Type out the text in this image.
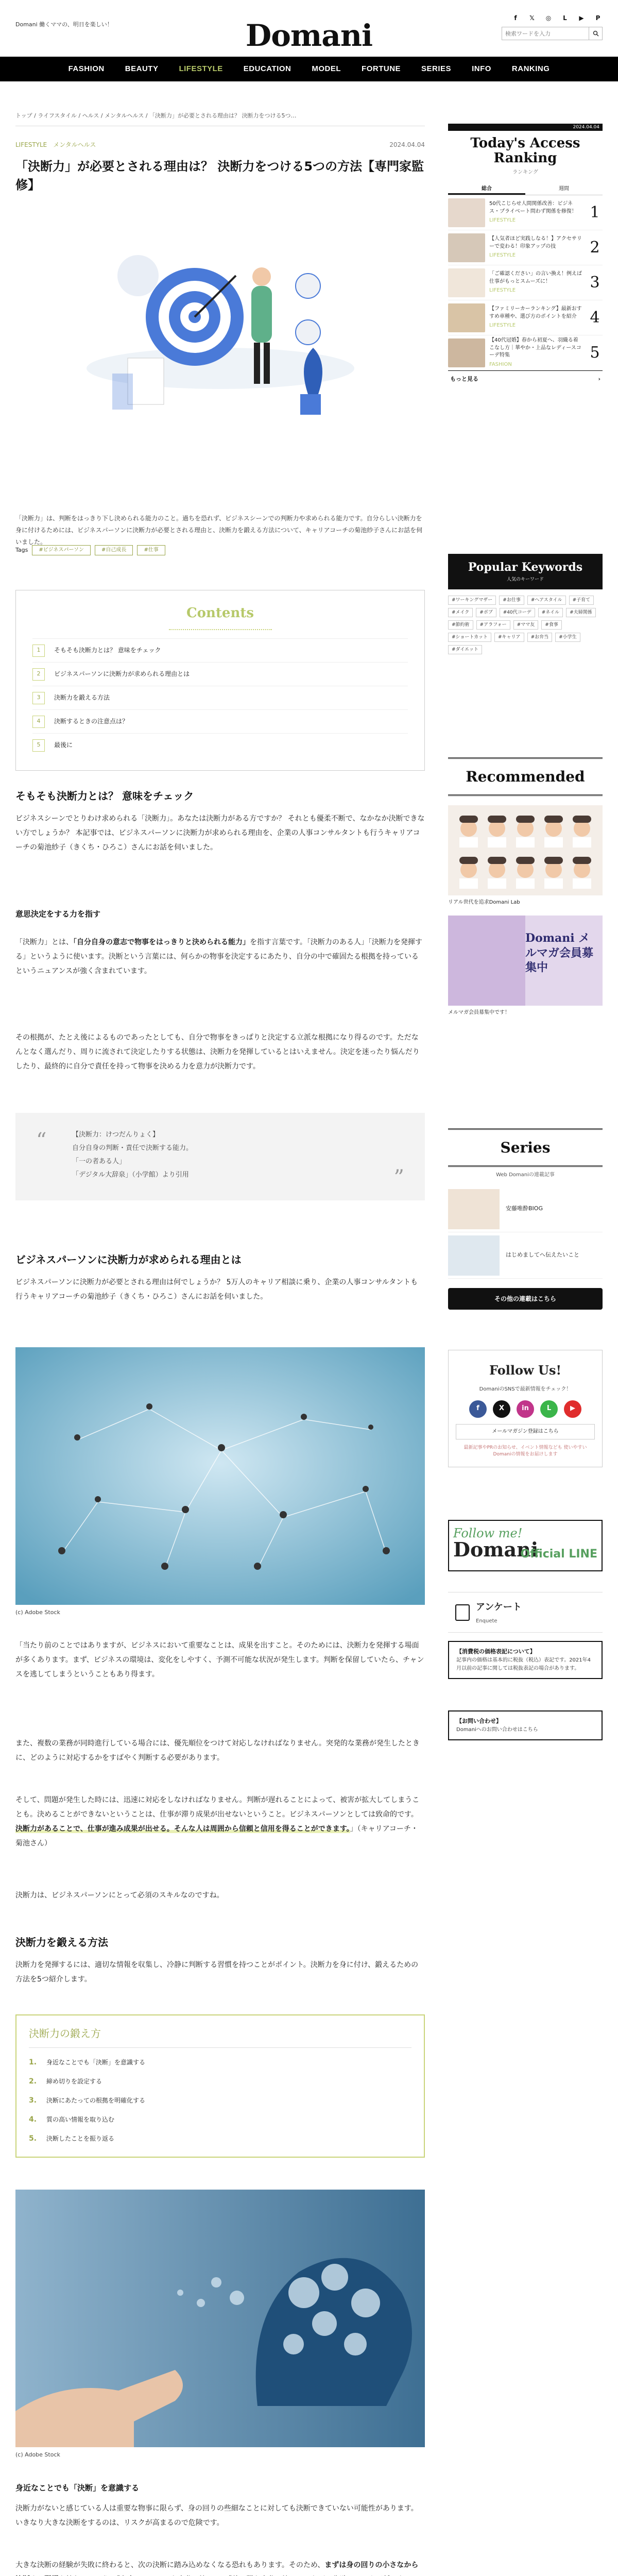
Domani 働くママの、明日を楽しい！	Domani
f	𝕏	◎	L	▶	P
検索ワードを入力
FASHION	BEAUTY	LIFESTYLE	EDUCATION	MODEL	FORTUNE	SERIES	INFO	RANKING
トップ / ライフスタイル / ヘルス / メンタルヘルス / 「決断力」が必要とされる理由は？ 決断力をつける5つ…
LIFESTYLE　メンタルヘルス	2024.04.04
「決断力」が必要とされる理由は？ 決断力をつける5つの方法【専門家監修】
「決断力」は、判断をはっきり下し決められる能力のこと。過ちを恐れず、ビジネスシーンでの判断力や求められる能力です。自分らしい決断力を身に付けるためには、ビジネスパーソンに決断力が必要とされる理由と、決断力を鍛える方法について、キャリアコーチの菊池紗子さんにお話を伺いました。
Tags	#ビジネスパーソン	#自己成長	#仕事
Contents
1	そもそも決断力とは？ 意味をチェック
2	ビジネスパーソンに決断力が求められる理由とは
3	決断力を鍛える方法
4	決断するときの注意点は？
5	最後に
そもそも決断力とは？ 意味をチェック

ビジネスシーンでとりわけ求められる「決断力」。あなたは決断力がある方ですか？ それとも優柔不断で、なかなか決断できない方でしょうか？ 本記事では、ビジネスパーソンに決断力が求められる理由を、企業の人事コンサルタントも行うキャリアコーチの菊池紗子（きくち・ひろこ）さんにお話を伺いました。

意思決定をする力を指す

「決断力」とは、「自分自身の意志で物事をはっきりと決められる能力」を指す言葉です。「決断力のある人」「決断力を発揮する」というように使います。決断という言葉には、何らかの物事を決定するにあたり、自分の中で確固たる根拠を持っているというニュアンスが強く含まれています。

その根拠が、たとえ後によるものであったとしても、自分で物事をきっぱりと決定する立派な根拠になり得るのです。ただなんとなく選んだり、周りに流されて決定したりする状態は、決断力を発揮しているとはいえません。決定を迷ったり悩んだりしたり、最終的に自分で責任を持って物事を決める力を意力が決断力です。

“	【決断力：けつだんりょく】
自分自身の判断・責任で決断する能力。
「一の者ある人」
「デジタル大辞泉」（小学館）より引用	”
ビジネスパーソンに決断力が求められる理由とは

ビジネスパーソンに決断力が必要とされる理由は何でしょうか？ 5万人のキャリア相談に乗り、企業の人事コンサルタントも行うキャリアコーチの菊池紗子（きくち・ひろこ）さんにお話を伺いました。

(c) Adobe Stock

「当たり前のことではありますが、ビジネスにおいて重要なことは、成果を出すこと。そのためには、決断力を発揮する場面が多くあります。まず、ビジネスの環境は、変化をしやすく、予測不可能な状況が発生します。判断を保留していたら、チャンスを逃してしまうということもあり得ます。

また、複数の業務が同時進行している場合には、優先順位をつけて対応しなければなりません。突発的な業務が発生したときに、どのように対応するかをすばやく判断する必要があります。

そして、問題が発生した時には、迅速に対応をしなければなりません。判断が遅れることによって、被害が拡大してしまうことも。決めることができないということは、仕事が滞り成果が出せないということ。ビジネスパーソンとしては致命的です。決断力があることで、仕事が進み成果が出せる。そんな人は周囲から信頼と信用を得ることができます。」（キャリアコーチ・菊池さん）

決断力は、ビジネスパーソンにとって必須のスキルなのですね。

決断力を鍛える方法

決断力を発揮するには、適切な情報を収集し、冷静に判断する習慣を持つことがポイント。決断力を身に付け、鍛えるための方法を5つ紹介します。

決断力の鍛え方
1.	身近なことでも「決断」を意識する
2.	締め切りを設定する
3.	決断にあたっての根拠を明確化する
4.	質の高い情報を取り込む
5.	決断したことを振り返る
(c) Adobe Stock
身近なことでも「決断」を意識する

決断力がないと感じている人は重要な物事に限らず、身の回りの些細なことに対しても決断できていない可能性があります。いきなり大きな決断をするのは、リスクが高まるので危険です。

大きな決断の経験が失敗に終わると、次の決断に踏み込めなくなる恐れもあります。そのため、まずは身の回りの小さなから

2024.04.04
Today's Access Ranking
ランキング
総合	週間
50代こじらせ人間関係改善：ビジネス・プライベート問わず関係を修復！
LIFESTYLE	1
【人気者ほど実践しなる！】アクセサリーで変わる！印象アップの技
LIFESTYLE	2
「ご確認ください」の言い換え！例えば仕事がもっとスムーズに！
LIFESTYLE	3
【ファミリーカーランキング】最新おすすめ車種や、選び方のポイントを紹介
LIFESTYLE	4
【40代冠婚】春から初夏へ、羽織る着こなし方｜華やか・上品なレディースコーデ特集
FASHION
5
もっと見る	›
Popular Keywords
人気のキーワード
#ワーキングマザー	#お仕事	#ヘアスタイル	#子育て
#メイク	#ボブ	#40代コーデ	#ネイル	#夫婦関係
#節約術	#アラフォー	#ママ友	#食事
#ショートカット	#キャリア	#お弁当	#小学生
#ダイエット
Recommended
リアル世代を追求Domani Lab
Domani メルマガ会員募集中
メルマガ会員募集中です！
Series
Web Domaniの連載記事
安藤唯酔BIOG
はじめましてへ伝えたいこと
その他の連載はこちら
Follow Us!
DomaniのSNSで最新情報をチェック！
f	X	in	L	▶
メールマガジン登録はこちら
最新記事やPRのお知らせ、イベント情報なども 使いやすいDomaniの情報をお届けします
Follow me!
Domani
Official LINE
アンケート
Enquete
【消費税の価格表記について】
記事内の価格は基本的に税抜（税込）表記です。2021年4月以前の記事に関しては税抜表記の場合があります。
【お問い合わせ】
Domaniへのお問い合わせはこちら
